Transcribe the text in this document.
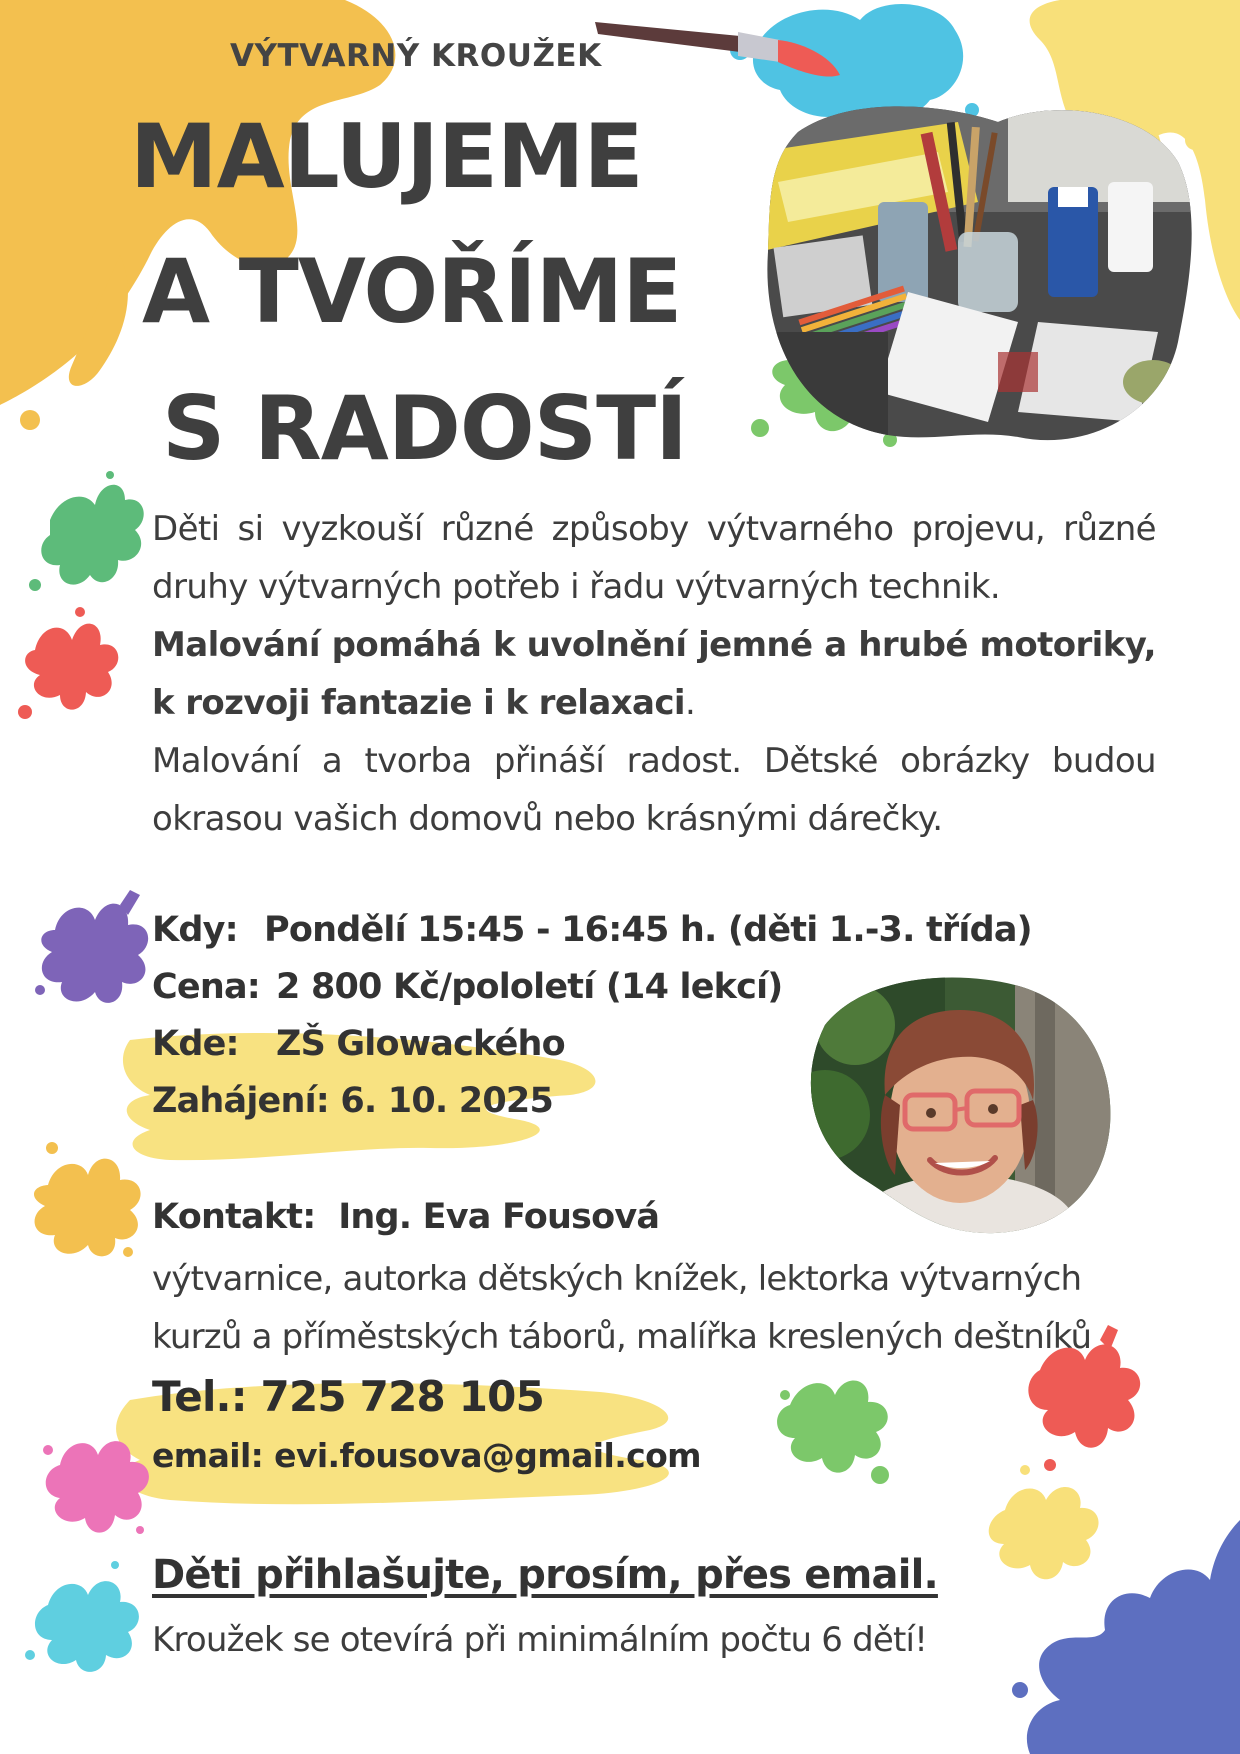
VÝTVARNÝ KROUŽEK
MALUJEME
A TVOŘÍME
S RADOSTÍ
Děti si vyzkouší různé způsoby výtvarného projevu, různé druhy výtvarných potřeb i řadu výtvarných technik.
Malování pomáhá k uvolnění jemné a hrubé motoriky, k rozvoji fantazie i k relaxaci.
Malování a tvorba přináší radost. Dětské obrázky budou okrasou vašich domovů nebo krásnými dárečky.
Kdy: Pondělí 15:45 - 16:45 h. (děti 1.-3. třída)
Cena: 2 800 Kč/pololetí (14 lekcí)
Kde: ZŠ Glowackého
Zahájení: 6. 10. 2025
Kontakt: Ing. Eva Fousová
výtvarnice, autorka dětských knížek, lektorka výtvarných kurzů a příměstských táborů, malířka kreslených deštníků
Tel.: 725 728 105
email: evi.fousova@gmail.com
Děti přihlašujte, prosím, přes email.
Kroužek se otevírá při minimálním počtu 6 dětí!
